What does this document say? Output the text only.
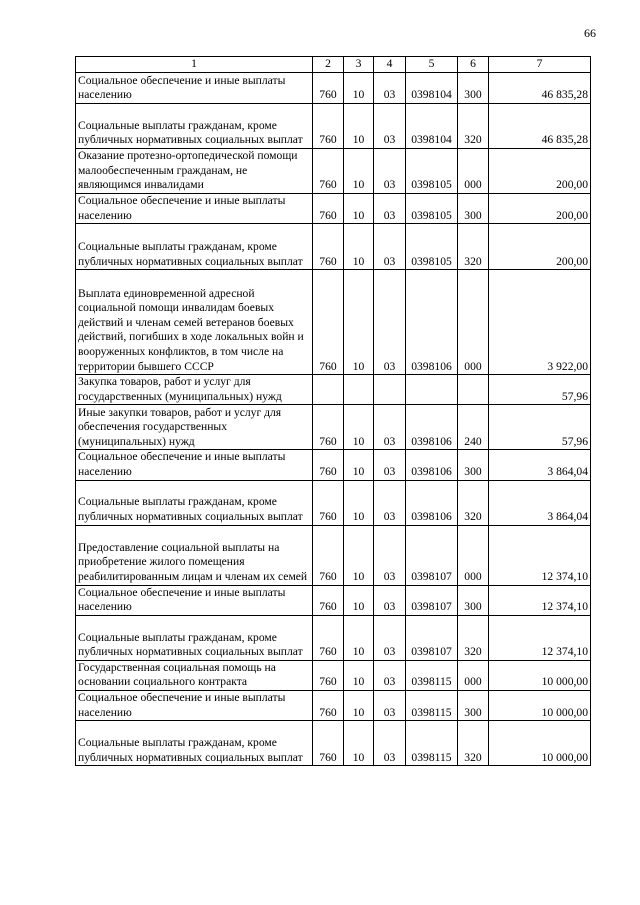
66
1	2	3	4	5	6	7
Социальное обеспечение и иные выплаты населению	760	10	03	0398104	300	46 835,28
Социальные выплаты гражданам, кроме публичных нормативных социальных выплат	760	10	03	0398104	320	46 835,28
Оказание протезно-ортопедической помощи малообеспеченным гражданам, не являющимся инвалидами	760	10	03	0398105	000	200,00
Социальное обеспечение и иные выплаты населению	760	10	03	0398105	300	200,00
Социальные выплаты гражданам, кроме публичных нормативных социальных выплат	760	10	03	0398105	320	200,00
Выплата единовременной адресной социальной помощи инвалидам боевых действий и членам семей ветеранов боевых действий, погибших в ходе локальных войн и вооруженных конфликтов, в том числе на территории бывшего СССР	760	10	03	0398106	000	3 922,00
Закупка товаров, работ и услуг для государственных (муниципальных) нужд						57,96
Иные закупки товаров, работ и услуг для обеспечения государственных (муниципальных) нужд	760	10	03	0398106	240	57,96
Социальное обеспечение и иные выплаты населению	760	10	03	0398106	300	3 864,04
Социальные выплаты гражданам, кроме публичных нормативных социальных выплат	760	10	03	0398106	320	3 864,04
Предоставление социальной выплаты на приобретение жилого помещения реабилитированным лицам и членам их семей	760	10	03	0398107	000	12 374,10
Социальное обеспечение и иные выплаты населению	760	10	03	0398107	300	12 374,10
Социальные выплаты гражданам, кроме публичных нормативных социальных выплат	760	10	03	0398107	320	12 374,10
Государственная социальная помощь на основании социального контракта	760	10	03	0398115	000	10 000,00
Социальное обеспечение и иные выплаты населению	760	10	03	0398115	300	10 000,00
Социальные выплаты гражданам, кроме публичных нормативных социальных выплат	760	10	03	0398115	320	10 000,00
